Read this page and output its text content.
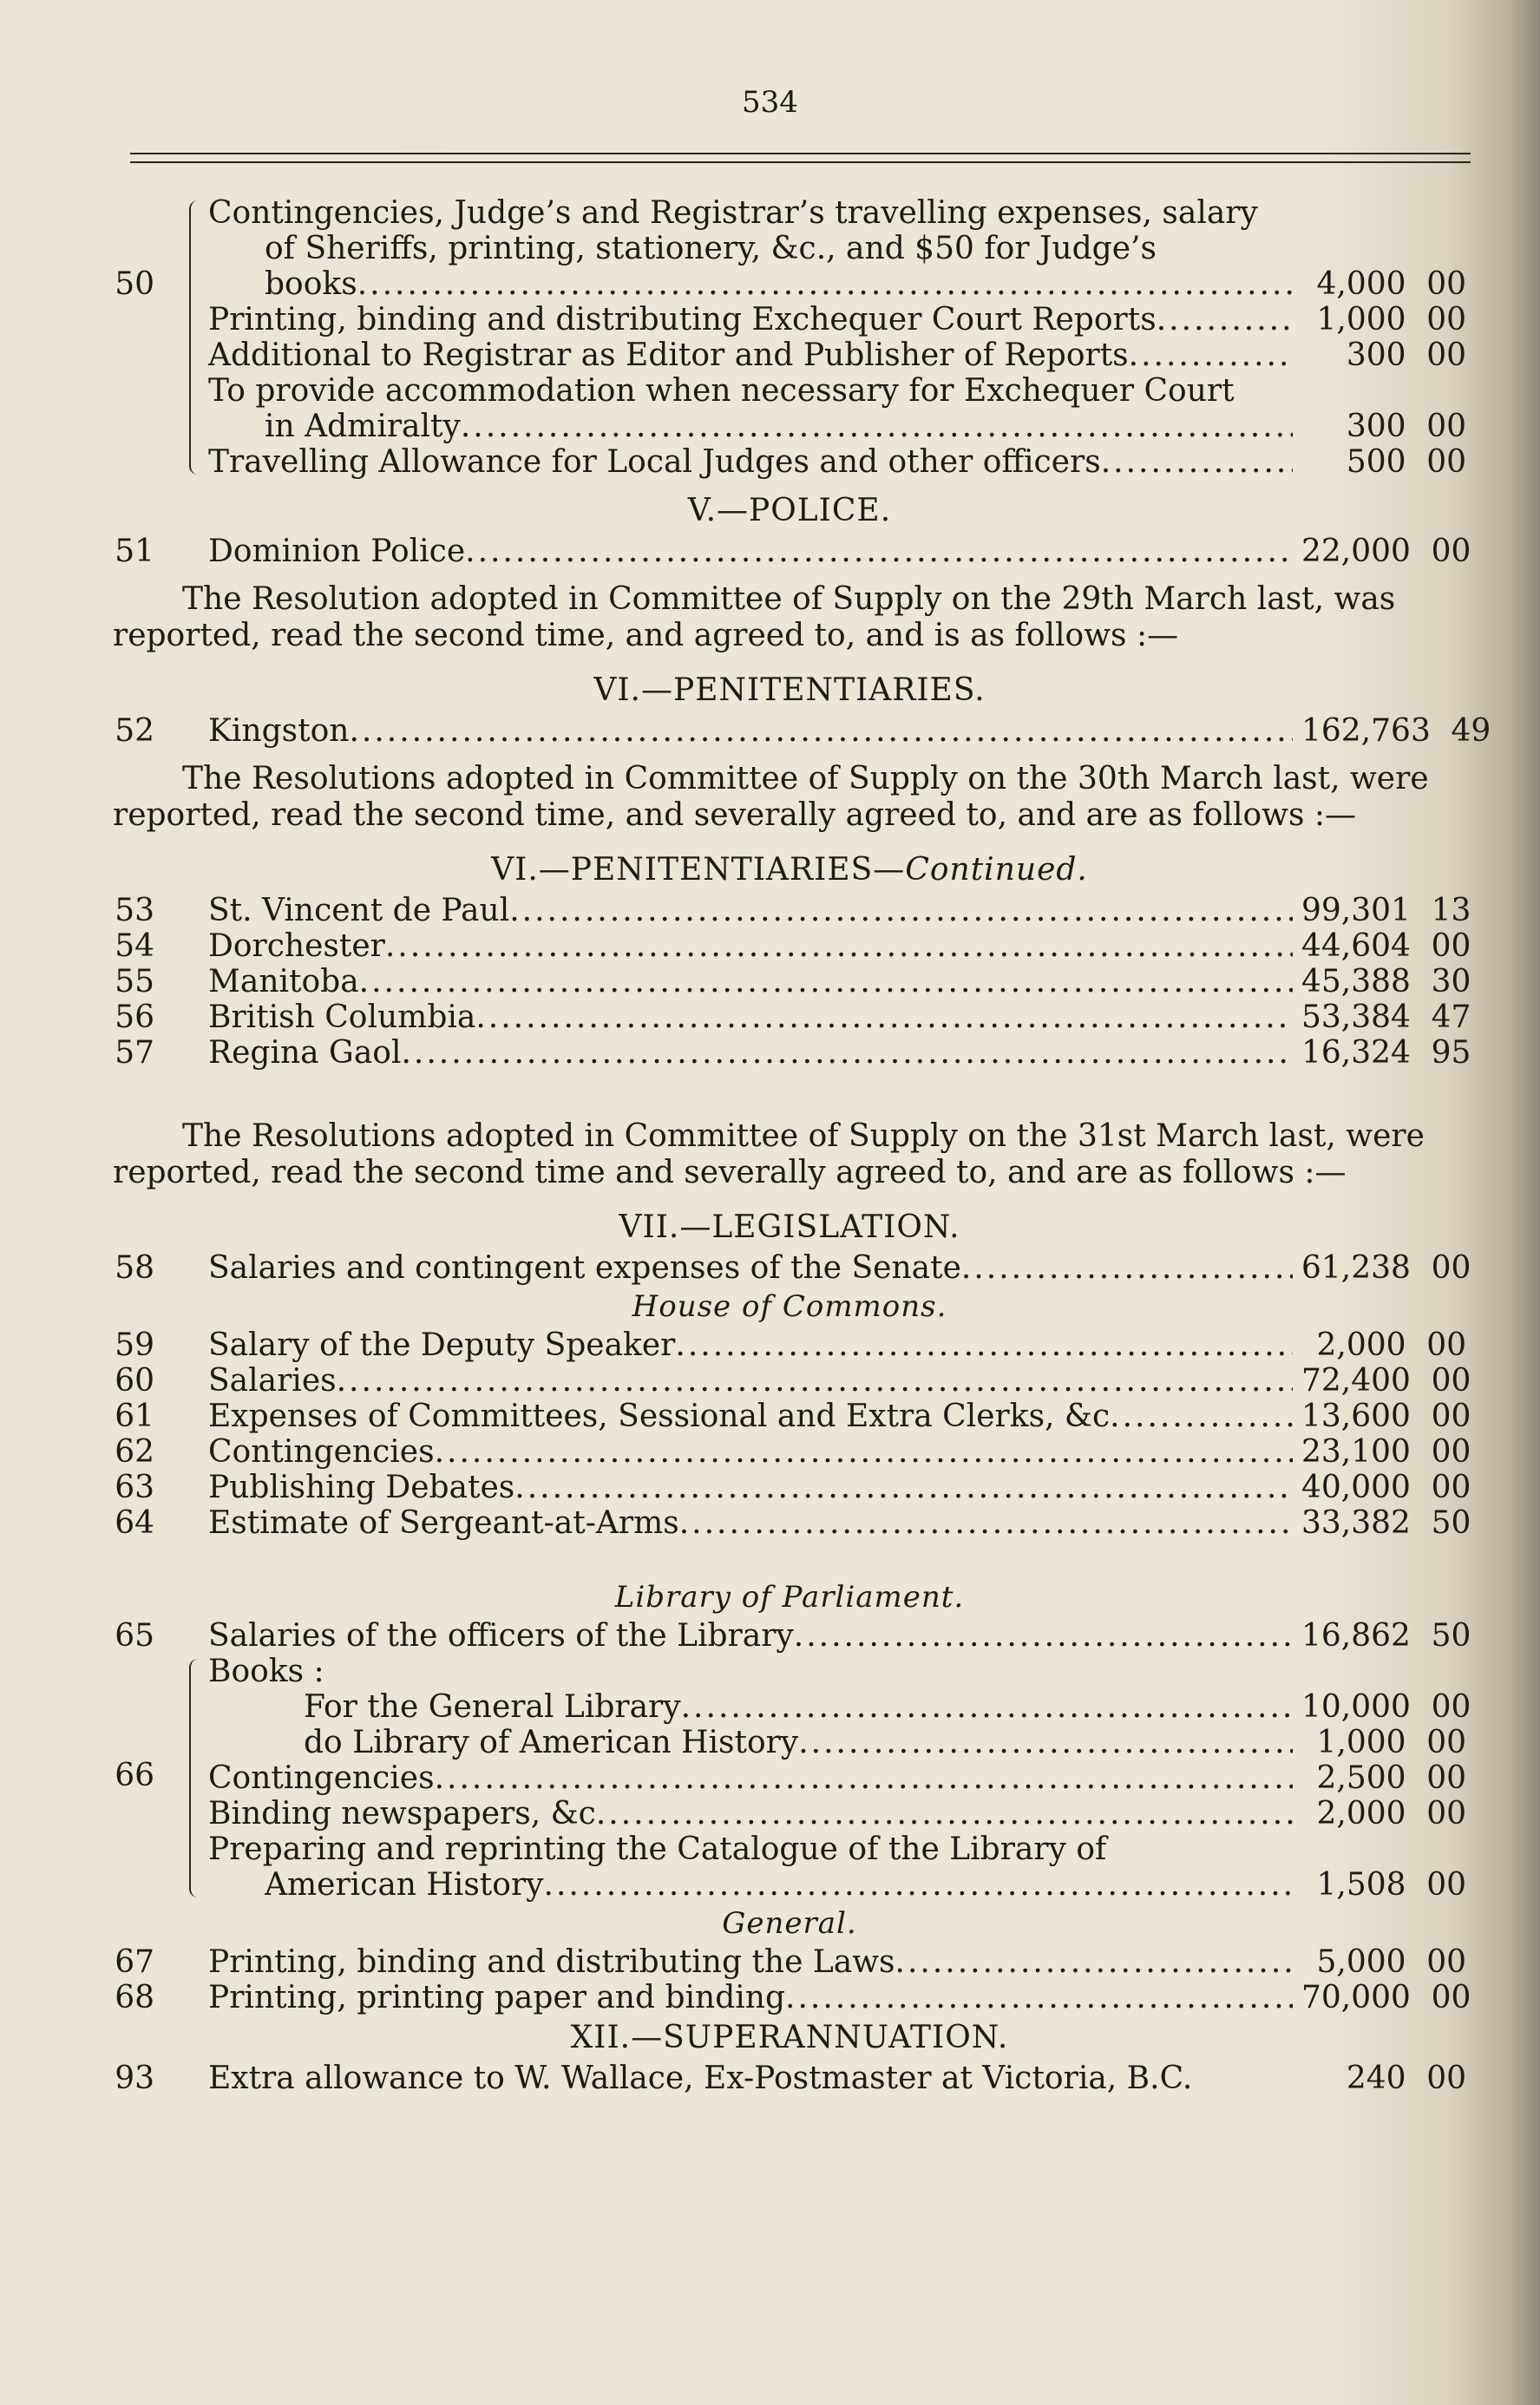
534
50
Contingencies, Judge’s and Registrar’s travelling expenses, salary
of Sheriffs, printing, stationery, &c., and $50 for Judge’s
books .....	4,000 00
Printing, binding and distributing Exchequer Court Reports .....	1,000 00
Additional to Registrar as Editor and Publisher of Reports .....	300 00
To provide accommodation when necessary for Exchequer Court
in Admiralty .....	300 00
Travelling Allowance for Local Judges and other officers .....	500 00
V.—POLICE.
51 Dominion Police .....	22,000 00
The Resolution adopted in Committee of Supply on the 29th March last, was
reported, read the second time, and agreed to, and is as follows :—
VI.—PENITENTIARIES.
52 Kingston .....	162,763 49
The Resolutions adopted in Committee of Supply on the 30th March last, were
reported, read the second time, and severally agreed to, and are as follows :—
VI.—PENITENTIARIES—Continued.
53 St. Vincent de Paul .....	99,301 13
54 Dorchester .....	44,604 00
55 Manitoba .....	45,388 30
56 British Columbia .....	53,384 47
57 Regina Gaol .....	16,324 95
The Resolutions adopted in Committee of Supply on the 31st March last, were
reported, read the second time and severally agreed to, and are as follows :—
VII.—LEGISLATION.
58 Salaries and contingent expenses of the Senate .....	61,238 00
House of Commons.
59 Salary of the Deputy Speaker .....	2,000 00
60 Salaries .....	72,400 00
61 Expenses of Committees, Sessional and Extra Clerks, &c .....	13,600 00
62 Contingencies .....	23,100 00
63 Publishing Debates .....	40,000 00
64 Estimate of Sergeant-at-Arms .....	33,382 50
Library of Parliament.
65 Salaries of the officers of the Library .....	16,862 50
66
Books :
For the General Library .....	10,000 00
do Library of American History .....	1,000 00
Contingencies .....	2,500 00
Binding newspapers, &c .....	2,000 00
Preparing and reprinting the Catalogue of the Library of
American History .....	1,508 00
General.
67 Printing, binding and distributing the Laws .....	5,000 00
68 Printing, printing paper and binding .....	70,000 00
XII.—SUPERANNUATION.
93 Extra allowance to W. Wallace, Ex-Postmaster at Victoria, B.C.	240 00
